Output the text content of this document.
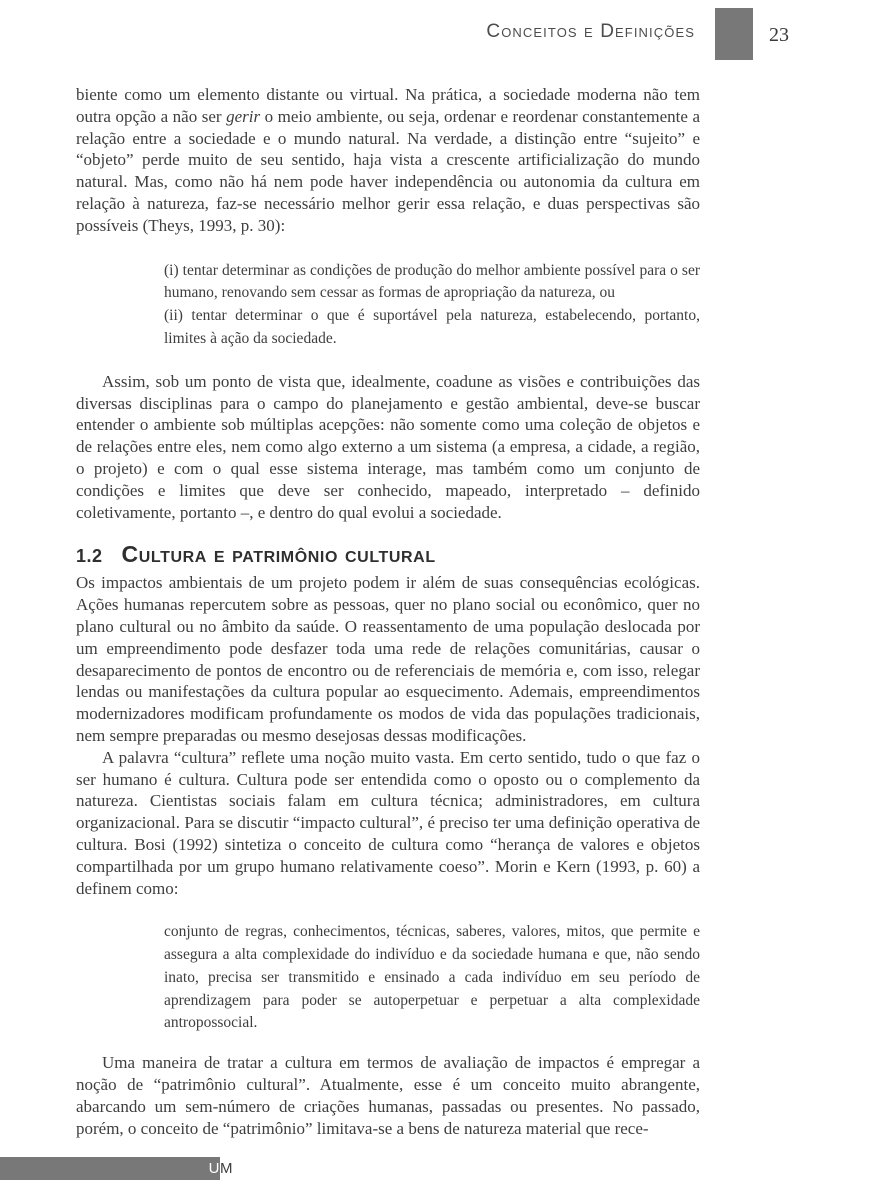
Conceitos e Definições	23

biente como um elemento distante ou virtual. Na prática, a sociedade moderna não tem outra opção a não ser gerir o meio ambiente, ou seja, ordenar e reordenar constantemente a relação entre a sociedade e o mundo natural. Na verdade, a distinção entre “sujeito” e “objeto” perde muito de seu sentido, haja vista a crescente artificialização do mundo natural. Mas, como não há nem pode haver independência ou autonomia da cultura em relação à natureza, faz-se necessário melhor gerir essa relação, e duas perspectivas são possíveis (Theys, 1993, p. 30):

(i) tentar determinar as condições de produção do melhor ambiente possível para o ser humano, renovando sem cessar as formas de apropriação da natureza, ou

(ii) tentar determinar o que é suportável pela natureza, estabelecendo, portanto, limites à ação da sociedade.

Assim, sob um ponto de vista que, idealmente, coadune as visões e contribuições das diversas disciplinas para o campo do planejamento e gestão ambiental, deve-se buscar entender o ambiente sob múltiplas acepções: não somente como uma coleção de objetos e de relações entre eles, nem como algo externo a um sistema (a empresa, a cidade, a região, o projeto) e com o qual esse sistema interage, mas também como um conjunto de condições e limites que deve ser conhecido, mapeado, interpretado – definido coletivamente, portanto –, e dentro do qual evolui a sociedade.

1.2 Cultura e patrimônio cultural

Os impactos ambientais de um projeto podem ir além de suas consequências ecológicas. Ações humanas repercutem sobre as pessoas, quer no plano social ou econômico, quer no plano cultural ou no âmbito da saúde. O reassentamento de uma população deslocada por um empreendimento pode desfazer toda uma rede de relações comunitárias, causar o desaparecimento de pontos de encontro ou de referenciais de memória e, com isso, relegar lendas ou manifestações da cultura popular ao esquecimento. Ademais, empreendimentos modernizadores modificam profundamente os modos de vida das populações tradicionais, nem sempre preparadas ou mesmo desejosas dessas modificações.

A palavra “cultura” reflete uma noção muito vasta. Em certo sentido, tudo o que faz o ser humano é cultura. Cultura pode ser entendida como o oposto ou o complemento da natureza. Cientistas sociais falam em cultura técnica; administradores, em cultura organizacional. Para se discutir “impacto cultural”, é preciso ter uma definição operativa de cultura. Bosi (1992) sintetiza o conceito de cultura como “herança de valores e objetos compartilhada por um grupo humano relativamente coeso”. Morin e Kern (1993, p. 60) a definem como:

conjunto de regras, conhecimentos, técnicas, saberes, valores, mitos, que permite e assegura a alta complexidade do indivíduo e da sociedade humana e que, não sendo inato, precisa ser transmitido e ensinado a cada indivíduo em seu período de aprendizagem para poder se autoperpetuar e perpetuar a alta complexidade antropossocial.

Uma maneira de tratar a cultura em termos de avaliação de impactos é empregar a noção de “patrimônio cultural”. Atualmente, esse é um conceito muito abrangente, abarcando um sem-número de criações humanas, passadas ou presentes. No passado, porém, o conceito de “patrimônio” limitava-se a bens de natureza material que rece-

UM
